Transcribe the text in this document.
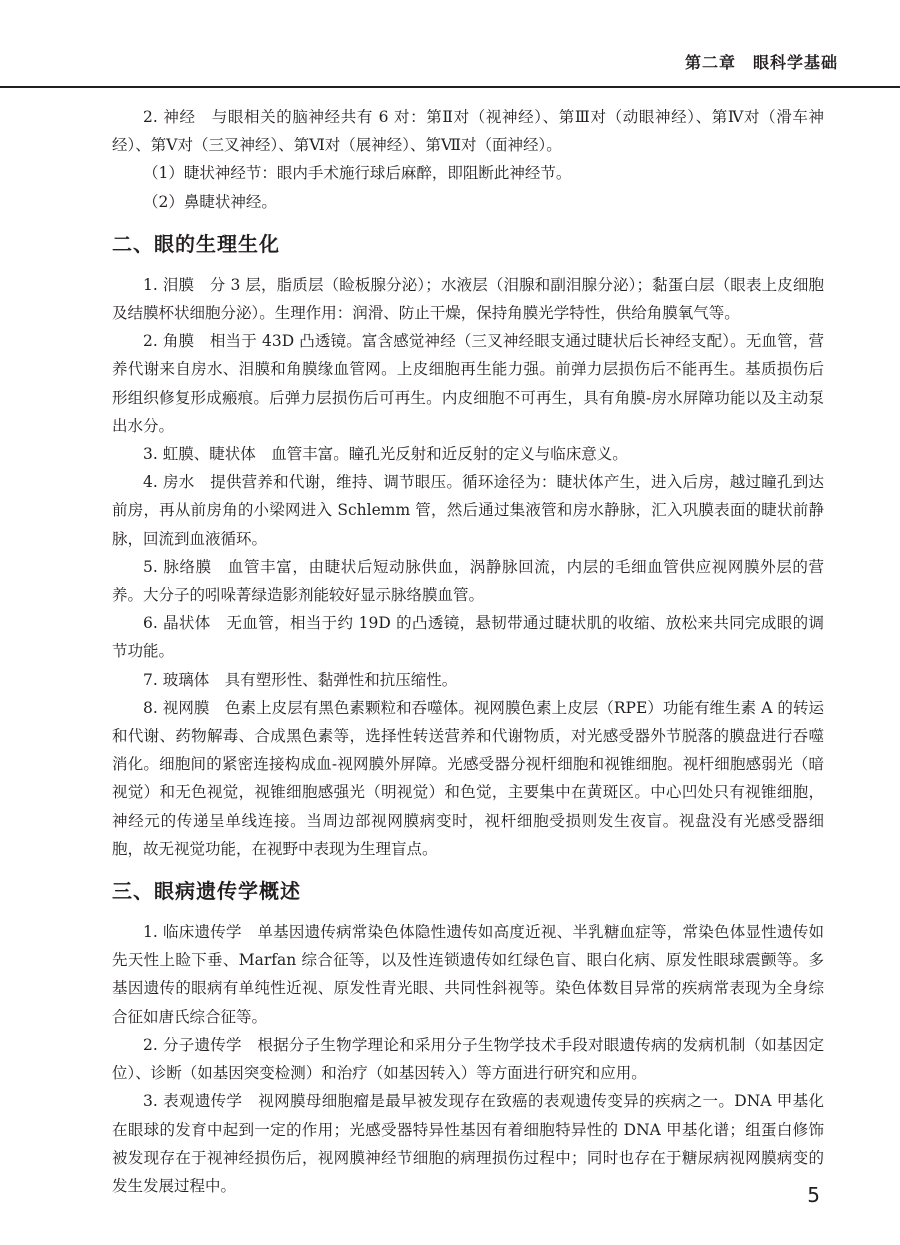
第二章　眼科学基础

2. 神经　与眼相关的脑神经共有 6 对：第Ⅱ对（视神经）、第Ⅲ对（动眼神经）、第Ⅳ对（滑车神经）、第Ⅴ对（三叉神经）、第Ⅵ对（展神经）、第Ⅶ对（面神经）。

（1）睫状神经节：眼内手术施行球后麻醉，即阻断此神经节。

（2）鼻睫状神经。

二、眼的生理生化

1. 泪膜　分 3 层，脂质层（睑板腺分泌）；水液层（泪腺和副泪腺分泌）；黏蛋白层（眼表上皮细胞及结膜杯状细胞分泌）。生理作用：润滑、防止干燥，保持角膜光学特性，供给角膜氧气等。

2. 角膜　相当于 43D 凸透镜。富含感觉神经（三叉神经眼支通过睫状后长神经支配）。无血管，营养代谢来自房水、泪膜和角膜缘血管网。上皮细胞再生能力强。前弹力层损伤后不能再生。基质损伤后形组织修复形成瘢痕。后弹力层损伤后可再生。内皮细胞不可再生，具有角膜-房水屏障功能以及主动泵出水分。

3. 虹膜、睫状体　血管丰富。瞳孔光反射和近反射的定义与临床意义。

4. 房水　提供营养和代谢，维持、调节眼压。循环途径为：睫状体产生，进入后房，越过瞳孔到达前房，再从前房角的小梁网进入 Schlemm 管，然后通过集液管和房水静脉，汇入巩膜表面的睫状前静脉，回流到血液循环。

5. 脉络膜　血管丰富，由睫状后短动脉供血，涡静脉回流，内层的毛细血管供应视网膜外层的营养。大分子的吲哚菁绿造影剂能较好显示脉络膜血管。

6. 晶状体　无血管，相当于约 19D 的凸透镜，悬韧带通过睫状肌的收缩、放松来共同完成眼的调节功能。

7. 玻璃体　具有塑形性、黏弹性和抗压缩性。

8. 视网膜　色素上皮层有黑色素颗粒和吞噬体。视网膜色素上皮层（RPE）功能有维生素 A 的转运和代谢、药物解毒、合成黑色素等，选择性转送营养和代谢物质，对光感受器外节脱落的膜盘进行吞噬消化。细胞间的紧密连接构成血-视网膜外屏障。光感受器分视杆细胞和视锥细胞。视杆细胞感弱光（暗视觉）和无色视觉，视锥细胞感强光（明视觉）和色觉，主要集中在黄斑区。中心凹处只有视锥细胞，神经元的传递呈单线连接。当周边部视网膜病变时，视杆细胞受损则发生夜盲。视盘没有光感受器细胞，故无视觉功能，在视野中表现为生理盲点。

三、眼病遗传学概述

1. 临床遗传学　单基因遗传病常染色体隐性遗传如高度近视、半乳糖血症等，常染色体显性遗传如先天性上睑下垂、Marfan 综合征等，以及性连锁遗传如红绿色盲、眼白化病、原发性眼球震颤等。多基因遗传的眼病有单纯性近视、原发性青光眼、共同性斜视等。染色体数目异常的疾病常表现为全身综合征如唐氏综合征等。

2. 分子遗传学　根据分子生物学理论和采用分子生物学技术手段对眼遗传病的发病机制（如基因定位）、诊断（如基因突变检测）和治疗（如基因转入）等方面进行研究和应用。

3. 表观遗传学　视网膜母细胞瘤是最早被发现存在致癌的表观遗传变异的疾病之一。DNA 甲基化在眼球的发育中起到一定的作用；光感受器特异性基因有着细胞特异性的 DNA 甲基化谱；组蛋白修饰被发现存在于视神经损伤后，视网膜神经节细胞的病理损伤过程中；同时也存在于糖尿病视网膜病变的发生发展过程中。	5
